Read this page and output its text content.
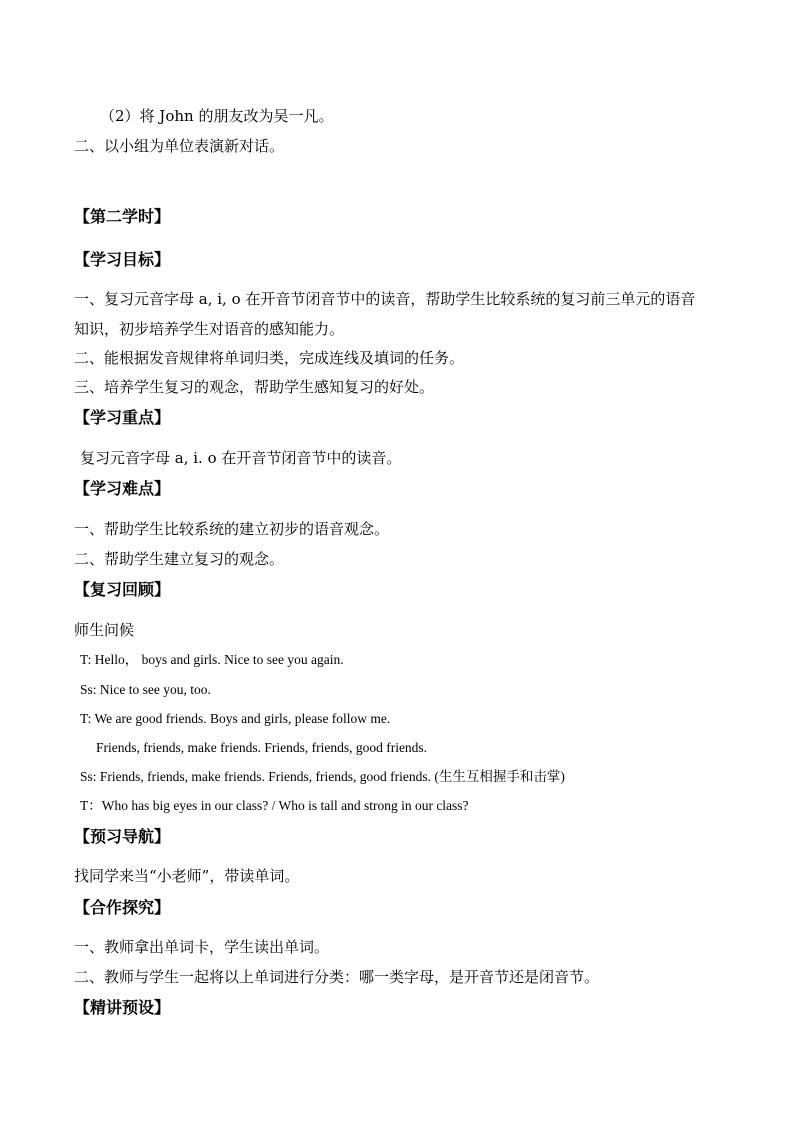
（2）将 John 的朋友改为吴一凡。
二、以小组为单位表演新对话。
【第二学时】
【学习目标】
一、复习元音字母 a, i, o 在开音节闭音节中的读音，帮助学生比较系统的复习前三单元的语音
知识，初步培养学生对语音的感知能力。
二、能根据发音规律将单词归类，完成连线及填词的任务。
三、培养学生复习的观念，帮助学生感知复习的好处。
【学习重点】
复习元音字母 a, i. o 在开音节闭音节中的读音。
【学习难点】
一、帮助学生比较系统的建立初步的语音观念。
二、帮助学生建立复习的观念。
【复习回顾】
师生问候
T: Hello， boys and girls. Nice to see you again.
Ss: Nice to see you, too.
T: We are good friends. Boys and girls, please follow me.
Friends, friends, make friends. Friends, friends, good friends.
Ss: Friends, friends, make friends. Friends, friends, good friends. (生生互相握手和击掌)
T：Who has big eyes in our class? / Who is tall and strong in our class?
【预习导航】
找同学来当“小老师”，带读单词。
【合作探究】
一、教师拿出单词卡，学生读出单词。
二、教师与学生一起将以上单词进行分类：哪一类字母，是开音节还是闭音节。
【精讲预设】
